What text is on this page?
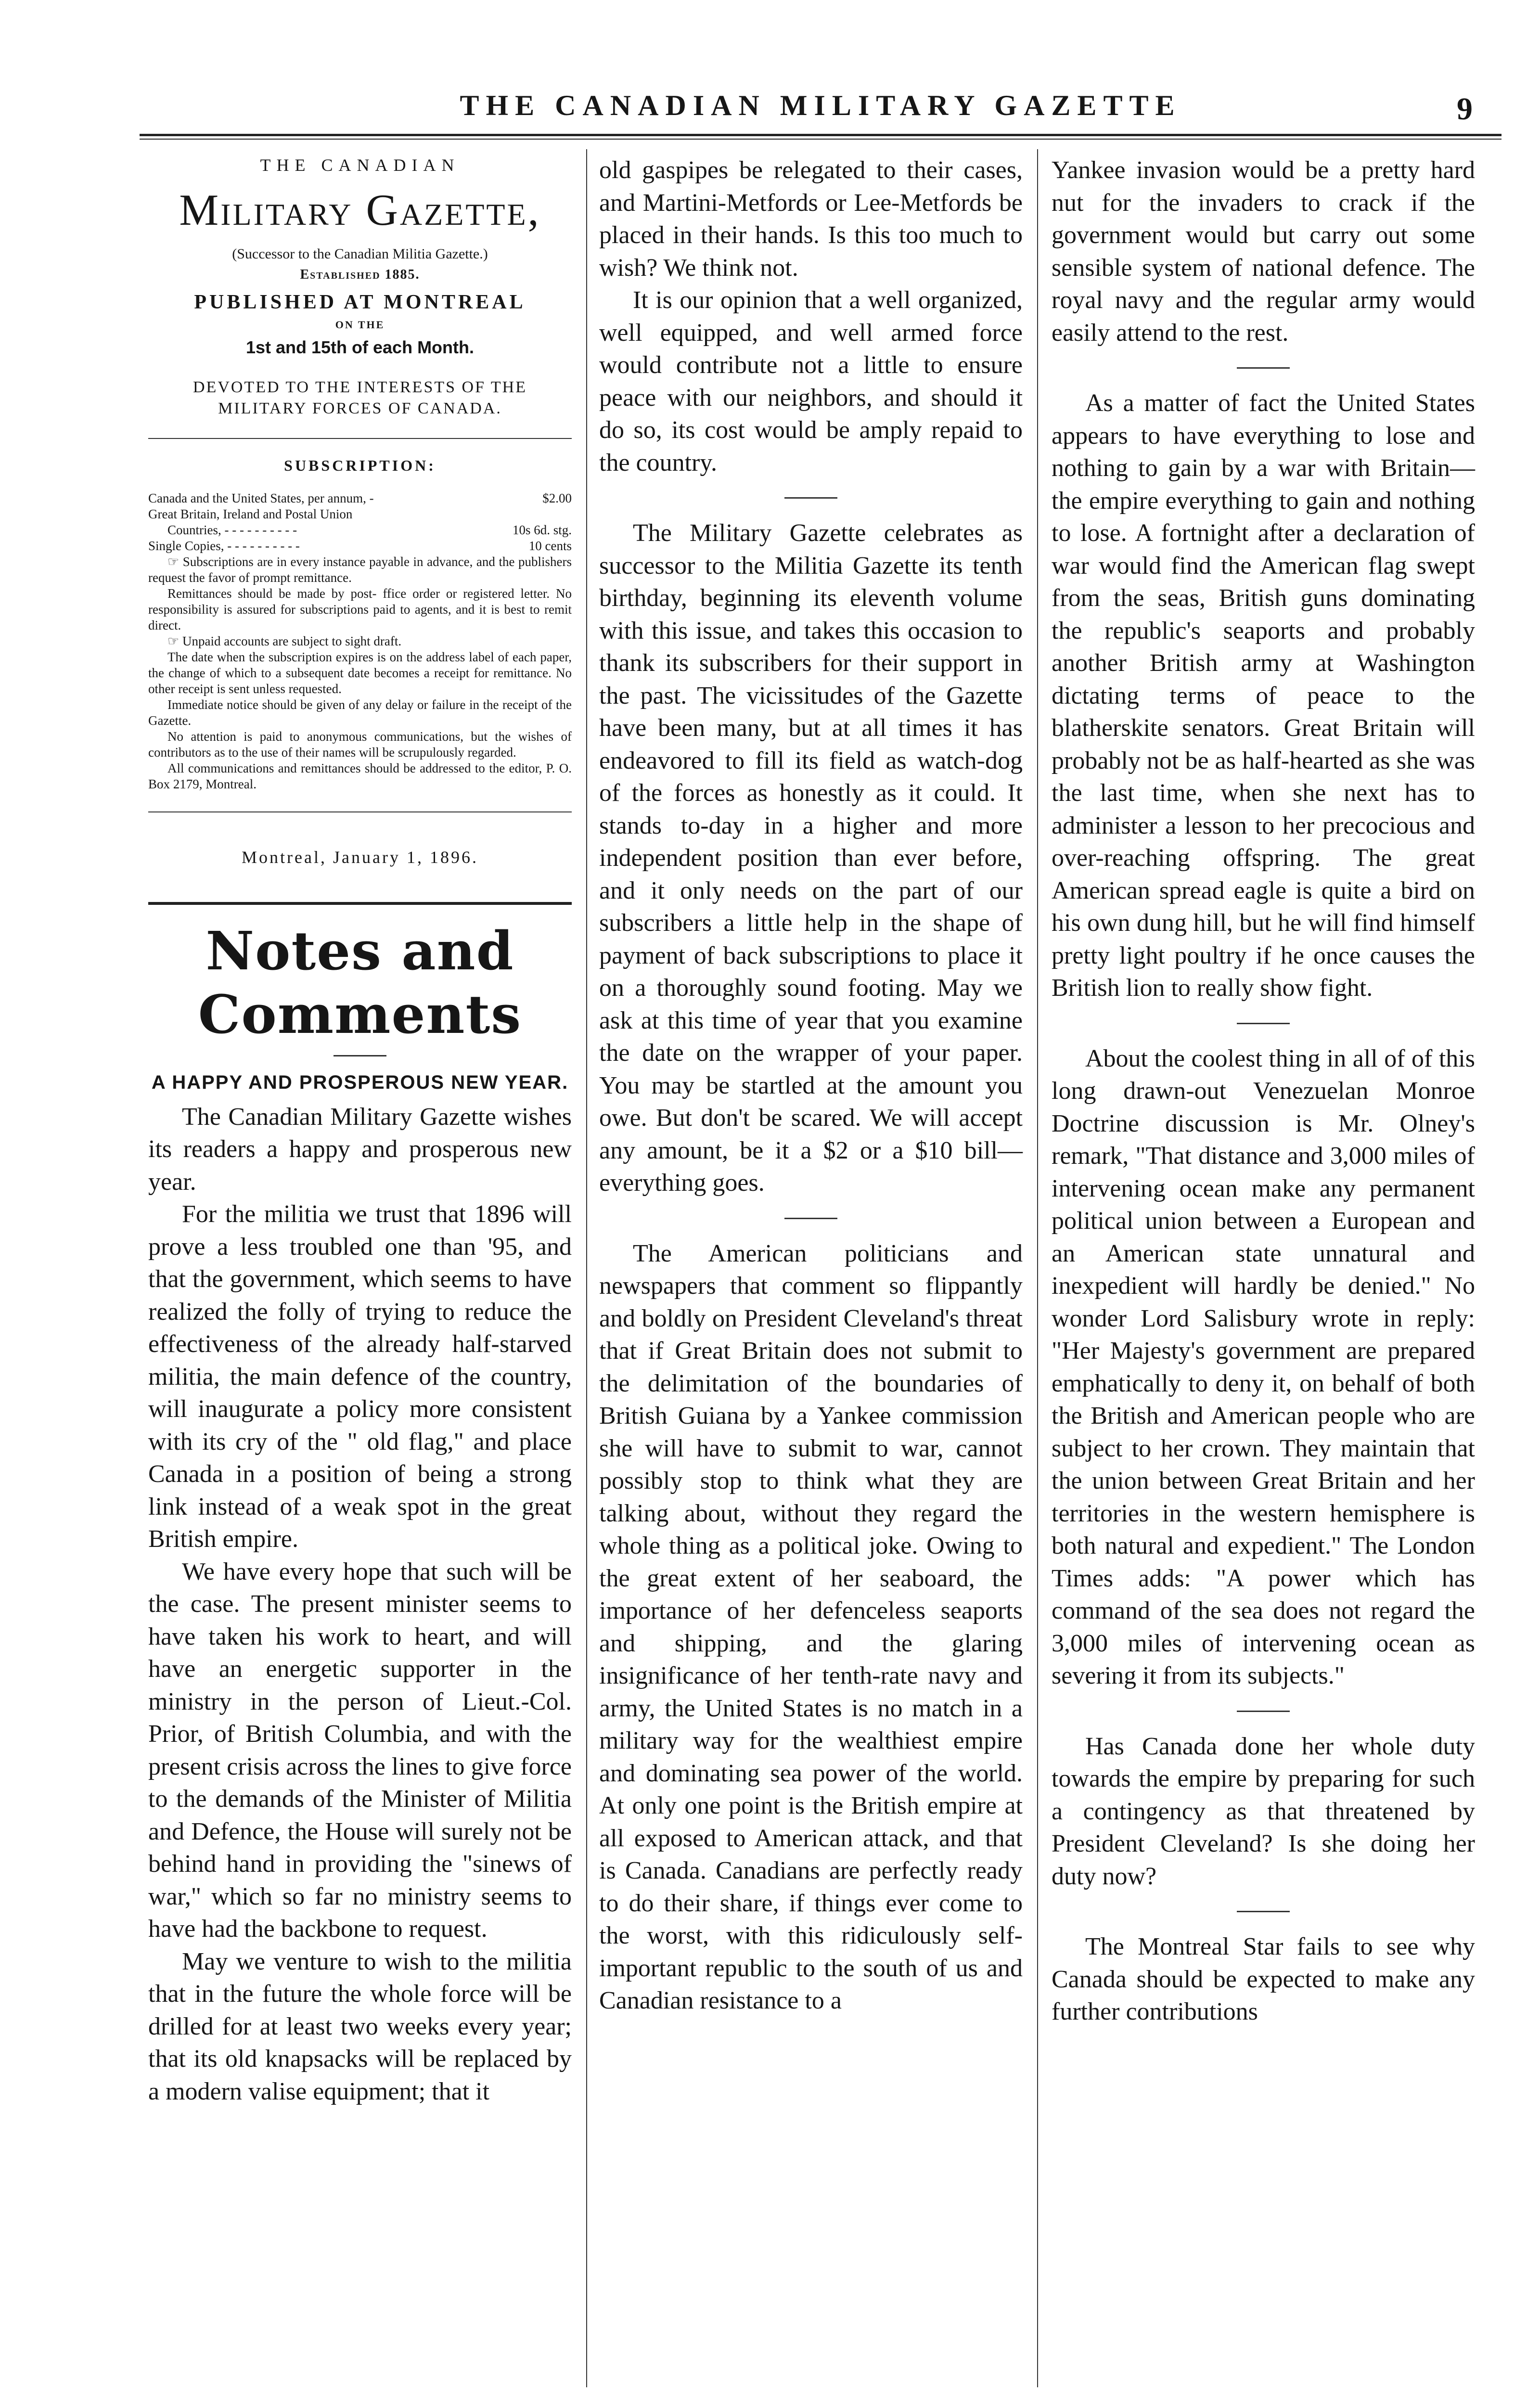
THE CANADIAN MILITARY GAZETTE	9
THE CANADIAN
Military Gazette,
(Successor to the Canadian Militia Gazette.)
Established 1885.
PUBLISHED AT MONTREAL
ON THE
1st and 15th of each Month.
DEVOTED TO THE INTERESTS OF THE MILITARY FORCES OF CANADA.
SUBSCRIPTION:
Canada and the United States, per annum, -	$2.00
Great Britain, Ireland and Postal Union
Countries, - - - - - - - - - -	10s 6d. stg.
Single Copies, - - - - - - - - - -	10 cents

☞ Subscriptions are in every instance payable in advance, and the publishers request the favor of prompt remittance.

Remittances should be made by post- ffice order or registered letter. No responsibility is assured for subscriptions paid to agents, and it is best to remit direct.

☞ Unpaid accounts are subject to sight draft.

The date when the subscription expires is on the address label of each paper, the change of which to a subsequent date becomes a receipt for remittance. No other receipt is sent unless requested.

Immediate notice should be given of any delay or failure in the receipt of the Gazette.

No attention is paid to anonymous communications, but the wishes of contributors as to the use of their names will be scrupulously regarded.

All communications and remittances should be addressed to the editor, P. O. Box 2179, Montreal.

Montreal, January 1, 1896.
Notes and Comments
A HAPPY AND PROSPEROUS NEW YEAR.

The Canadian Military Gazette wishes its readers a happy and prosperous new year.

For the militia we trust that 1896 will prove a less troubled one than '95, and that the government, which seems to have realized the folly of trying to reduce the effectiveness of the already half-starved militia, the main defence of the country, will inaugurate a policy more consistent with its cry of the " old flag," and place Canada in a position of being a strong link instead of a weak spot in the great British empire.

We have every hope that such will be the case. The present minister seems to have taken his work to heart, and will have an energetic supporter in the ministry in the person of Lieut.-Col. Prior, of British Columbia, and with the present crisis across the lines to give force to the demands of the Minister of Militia and Defence, the House will surely not be behind hand in providing the "sinews of war," which so far no ministry seems to have had the backbone to request.

May we venture to wish to the militia that in the future the whole force will be drilled for at least two weeks every year; that its old knapsacks will be replaced by a modern valise equipment; that it

old gaspipes be relegated to their cases, and Martini-Metfords or Lee-Metfords be placed in their hands. Is this too much to wish? We think not.

It is our opinion that a well organized, well equipped, and well armed force would contribute not a little to ensure peace with our neighbors, and should it do so, its cost would be amply repaid to the country.

The Military Gazette celebrates as successor to the Militia Gazette its tenth birthday, beginning its eleventh volume with this issue, and takes this occasion to thank its subscribers for their support in the past. The vicissitudes of the Gazette have been many, but at all times it has endeavored to fill its field as watch-dog of the forces as honestly as it could. It stands to-day in a higher and more independent position than ever before, and it only needs on the part of our subscribers a little help in the shape of payment of back subscriptions to place it on a thoroughly sound footing. May we ask at this time of year that you examine the date on the wrapper of your paper. You may be startled at the amount you owe. But don't be scared. We will accept any amount, be it a $2 or a $10 bill—everything goes.

The American politicians and newspapers that comment so flippantly and boldly on President Cleveland's threat that if Great Britain does not submit to the delimitation of the boundaries of British Guiana by a Yankee commission she will have to submit to war, cannot possibly stop to think what they are talking about, without they regard the whole thing as a political joke. Owing to the great extent of her seaboard, the importance of her defenceless seaports and shipping, and the glaring insignificance of her tenth-rate navy and army, the United States is no match in a military way for the wealthiest empire and dominating sea power of the world. At only one point is the British empire at all exposed to American attack, and that is Canada. Canadians are perfectly ready to do their share, if things ever come to the worst, with this ridiculously self-important republic to the south of us and Canadian resistance to a

Yankee invasion would be a pretty hard nut for the invaders to crack if the government would but carry out some sensible system of national defence. The royal navy and the regular army would easily attend to the rest.

As a matter of fact the United States appears to have everything to lose and nothing to gain by a war with Britain—the empire everything to gain and nothing to lose. A fortnight after a declaration of war would find the American flag swept from the seas, British guns dominating the republic's seaports and probably another British army at Washington dictating terms of peace to the blatherskite senators. Great Britain will probably not be as half-hearted as she was the last time, when she next has to administer a lesson to her precocious and over-reaching offspring. The great American spread eagle is quite a bird on his own dung hill, but he will find himself pretty light poultry if he once causes the British lion to really show fight.

About the coolest thing in all of of this long drawn-out Venezuelan Monroe Doctrine discussion is Mr. Olney's remark, "That distance and 3,000 miles of intervening ocean make any permanent political union between a European and an American state unnatural and inexpedient will hardly be denied." No wonder Lord Salisbury wrote in reply: "Her Majesty's government are prepared emphatically to deny it, on behalf of both the British and American people who are subject to her crown. They maintain that the union between Great Britain and her territories in the western hemisphere is both natural and expedient." The London Times adds: "A power which has command of the sea does not regard the 3,000 miles of intervening ocean as severing it from its subjects."

Has Canada done her whole duty towards the empire by preparing for such a contingency as that threatened by President Cleveland? Is she doing her duty now?

The Montreal Star fails to see why Canada should be expected to make any further contributions
